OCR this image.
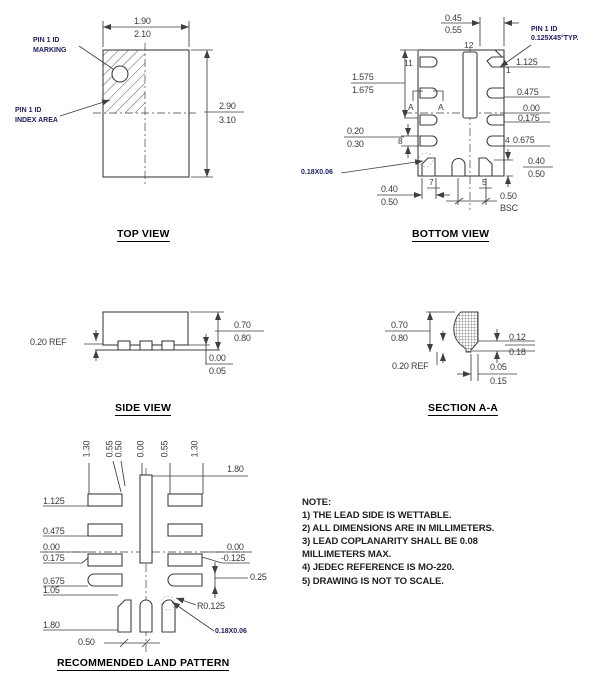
PIN 1 ID
MARKING
PIN 1 ID
INDEX AREA
1.90
2.10
2.90
3.10
TOP VIEW
0.45
0.55	PIN 1 ID
0.125X45°TYP.
12
11
1
8	4
7	5
A	A
1.575
1.675
0.20
0.30
0.18X0.06
0.40
0.50
0.50
BSC
1.125
0.475
0.00
0.175
0.675
0.40
0.50
BOTTOM VIEW
0.20 REF
0.70
0.80
0.00
0.05
SIDE VIEW
0.70
0.80	0.12
0.18
0.20 REF	0.05
0.15
SECTION A-A
1.30 0.55 0.50 0.00 0.55 1.30
1.80
1.125
0.475
0.00
0.175
0.675
1.05
1.80
0.50
0.00
-0.125
0.25
R0.125
0.18X0.06
RECOMMENDED LAND PATTERN
NOTE:
1) THE LEAD SIDE IS WETTABLE.
2) ALL DIMENSIONS ARE IN MILLIMETERS.
3) LEAD COPLANARITY SHALL BE 0.08
MILLIMETERS MAX.
4) JEDEC REFERENCE IS MO-220.
5) DRAWING IS NOT TO SCALE.
